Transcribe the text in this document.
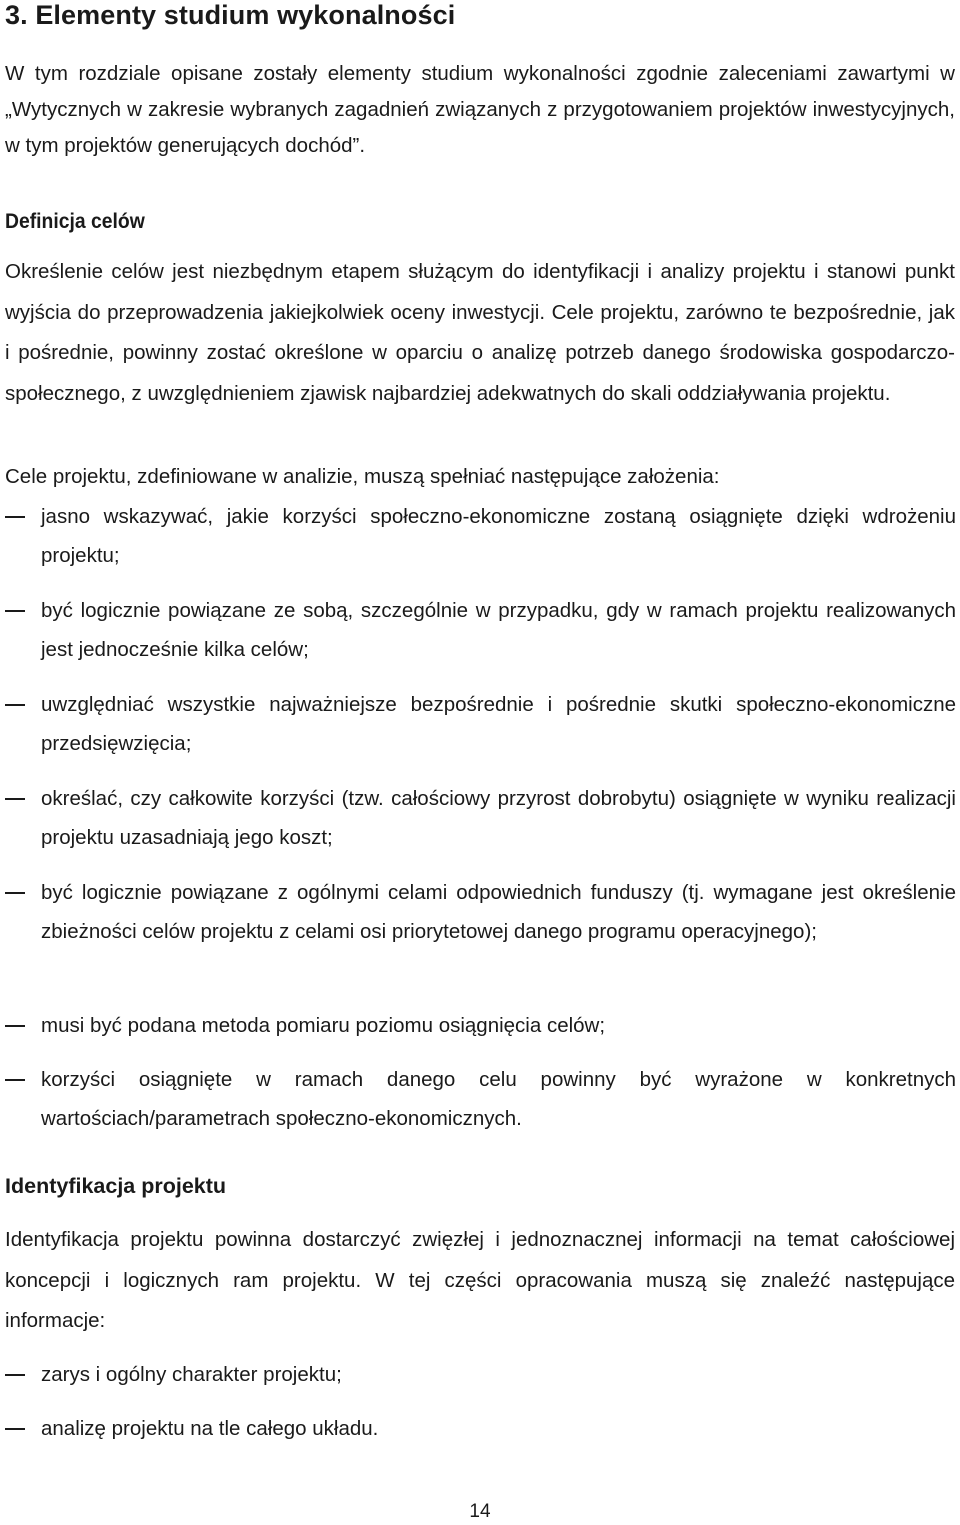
3. Elementy studium wykonalności

W tym rozdziale opisane zostały elementy studium wykonalności zgodnie zaleceniami zawartymi w „Wytycznych w zakresie wybranych zagadnień związanych z przygotowaniem projektów inwestycyjnych, w tym projektów generujących dochód”.

Definicja celów

Określenie celów jest niezbędnym etapem służącym do identyfikacji i analizy projektu i stanowi punkt wyjścia do przeprowadzenia jakiejkolwiek oceny inwestycji. Cele projektu, zarówno te bezpośrednie, jak i pośrednie, powinny zostać określone w oparciu o analizę potrzeb danego środowiska gospodarczo-społecznego, z uwzględnieniem zjawisk najbardziej adekwatnych do skali oddziaływania projektu.

Cele projektu, zdefiniowane w analizie, muszą spełniać następujące założenia:

jasno wskazywać, jakie korzyści społeczno-ekonomiczne zostaną osiągnięte dzięki wdrożeniu projektu;

być logicznie powiązane ze sobą, szczególnie w przypadku, gdy w ramach projektu realizowanych jest jednocześnie kilka celów;

uwzględniać wszystkie najważniejsze bezpośrednie i pośrednie skutki społeczno-ekonomiczne przedsięwzięcia;

określać, czy całkowite korzyści (tzw. całościowy przyrost dobrobytu) osiągnięte w wyniku realizacji projektu uzasadniają jego koszt;

być logicznie powiązane z ogólnymi celami odpowiednich funduszy (tj. wymagane jest określenie zbieżności celów projektu z celami osi priorytetowej danego programu operacyjnego);

musi być podana metoda pomiaru poziomu osiągnięcia celów;

korzyści osiągnięte w ramach danego celu powinny być wyrażone w konkretnych wartościach/parametrach społeczno-ekonomicznych.

Identyfikacja projektu

Identyfikacja projektu powinna dostarczyć zwięzłej i jednoznacznej informacji na temat całościowej koncepcji i logicznych ram projektu. W tej części opracowania muszą się znaleźć następujące informacje:

zarys i ogólny charakter projektu;

analizę projektu na tle całego układu.

14
